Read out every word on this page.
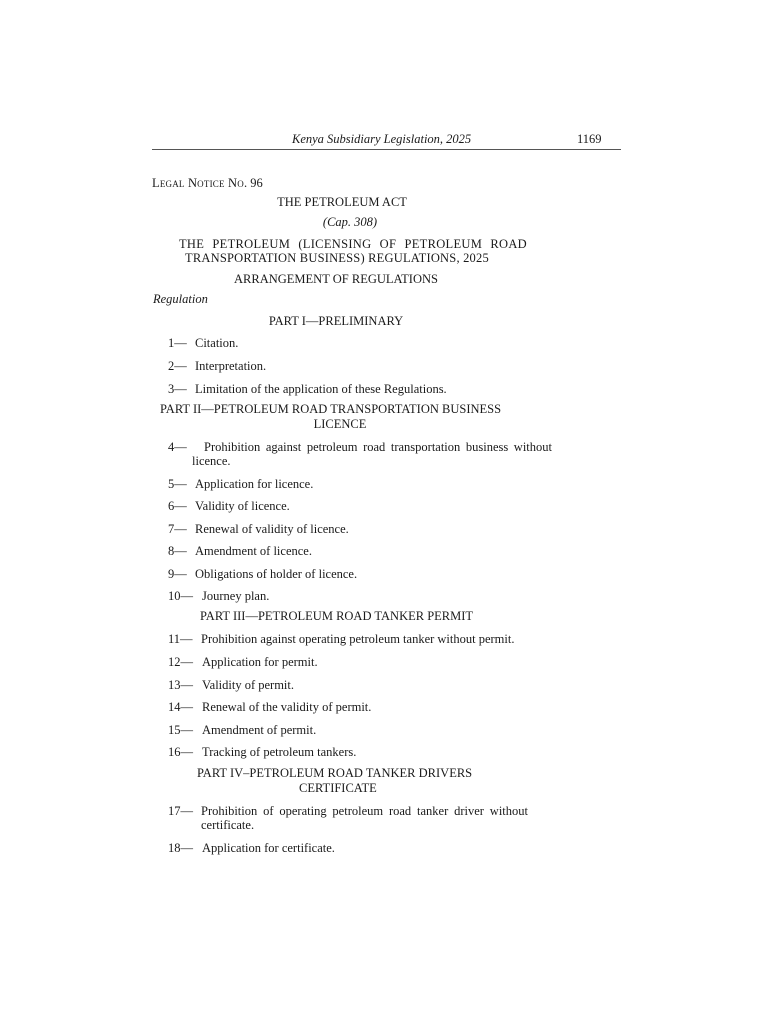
Kenya Subsidiary Legislation, 2025	1169
Legal Notice No. 96
THE PETROLEUM ACT
(Cap. 308)
THE PETROLEUM (LICENSING OF PETROLEUM ROAD
TRANSPORTATION BUSINESS) REGULATIONS, 2025
ARRANGEMENT OF REGULATIONS
Regulation
PART I—PRELIMINARY
1— Citation.
2— Interpretation.
3— Limitation of the application of these Regulations.
PART II—PETROLEUM ROAD TRANSPORTATION BUSINESS
LICENCE
4—	Prohibition against petroleum road transportation business without licence.
5— Application for licence.
6— Validity of licence.
7— Renewal of validity of licence.
8— Amendment of licence.
9— Obligations of holder of licence.
10— Journey plan.
PART III—PETROLEUM ROAD TANKER PERMIT
11— Prohibition against operating petroleum tanker without permit.
12— Application for permit.
13— Validity of permit.
14— Renewal of the validity of permit.
15— Amendment of permit.
16— Tracking of petroleum tankers.
PART IV–PETROLEUM ROAD TANKER DRIVERS
CERTIFICATE
17— Prohibition of operating petroleum road tanker driver without certificate.
18— Application for certificate.
